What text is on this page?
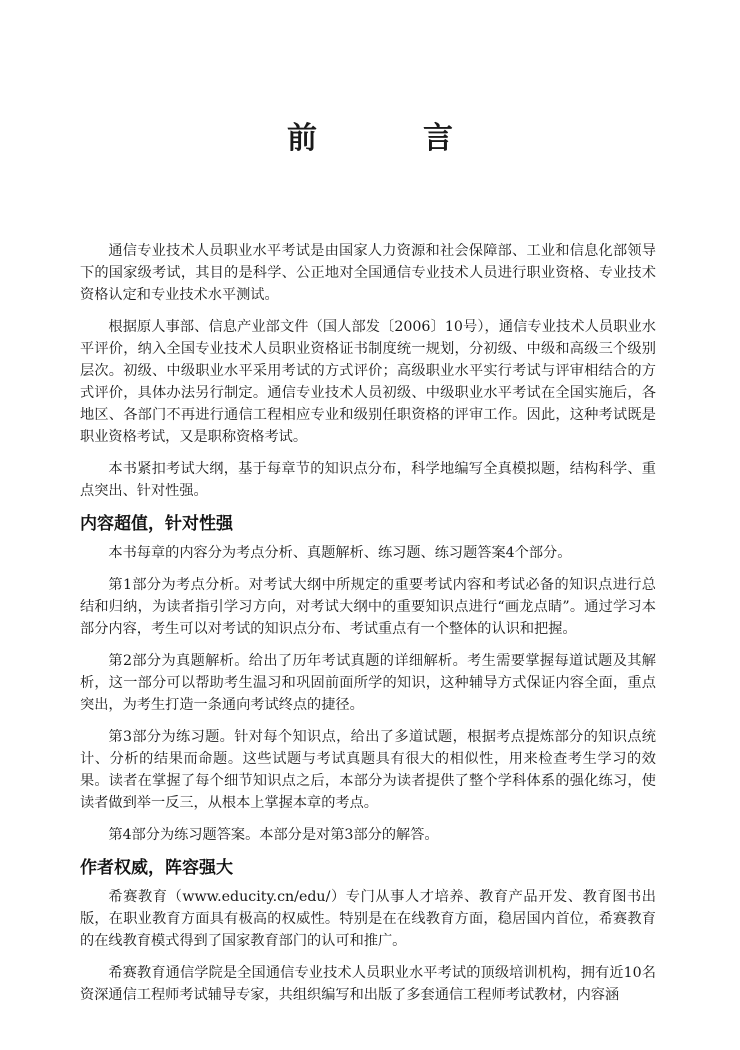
前　言

通信专业技术人员职业水平考试是由国家人力资源和社会保障部、工业和信息化部领导下的国家级考试，其目的是科学、公正地对全国通信专业技术人员进行职业资格、专业技术资格认定和专业技术水平测试。

根据原人事部、信息产业部文件（国人部发〔2006〕10号），通信专业技术人员职业水平评价，纳入全国专业技术人员职业资格证书制度统一规划，分初级、中级和高级三个级别层次。初级、中级职业水平采用考试的方式评价；高级职业水平实行考试与评审相结合的方式评价，具体办法另行制定。通信专业技术人员初级、中级职业水平考试在全国实施后，各地区、各部门不再进行通信工程相应专业和级别任职资格的评审工作。因此，这种考试既是职业资格考试，又是职称资格考试。

本书紧扣考试大纲，基于每章节的知识点分布，科学地编写全真模拟题，结构科学、重点突出、针对性强。

内容超值，针对性强

本书每章的内容分为考点分析、真题解析、练习题、练习题答案4个部分。

第1部分为考点分析。对考试大纲中所规定的重要考试内容和考试必备的知识点进行总结和归纳，为读者指引学习方向，对考试大纲中的重要知识点进行“画龙点睛”。通过学习本部分内容，考生可以对考试的知识点分布、考试重点有一个整体的认识和把握。

第2部分为真题解析。给出了历年考试真题的详细解析。考生需要掌握每道试题及其解析，这一部分可以帮助考生温习和巩固前面所学的知识，这种辅导方式保证内容全面，重点突出，为考生打造一条通向考试终点的捷径。

第3部分为练习题。针对每个知识点，给出了多道试题，根据考点提炼部分的知识点统计、分析的结果而命题。这些试题与考试真题具有很大的相似性，用来检查考生学习的效果。读者在掌握了每个细节知识点之后，本部分为读者提供了整个学科体系的强化练习，使读者做到举一反三，从根本上掌握本章的考点。

第4部分为练习题答案。本部分是对第3部分的解答。

作者权威，阵容强大

希赛教育（www.educity.cn/edu/）专门从事人才培养、教育产品开发、教育图书出版，在职业教育方面具有极高的权威性。特别是在在线教育方面，稳居国内首位，希赛教育的在线教育模式得到了国家教育部门的认可和推广。

希赛教育通信学院是全国通信专业技术人员职业水平考试的顶级培训机构，拥有近10名资深通信工程师考试辅导专家，共组织编写和出版了多套通信工程师考试教材，内容涵
